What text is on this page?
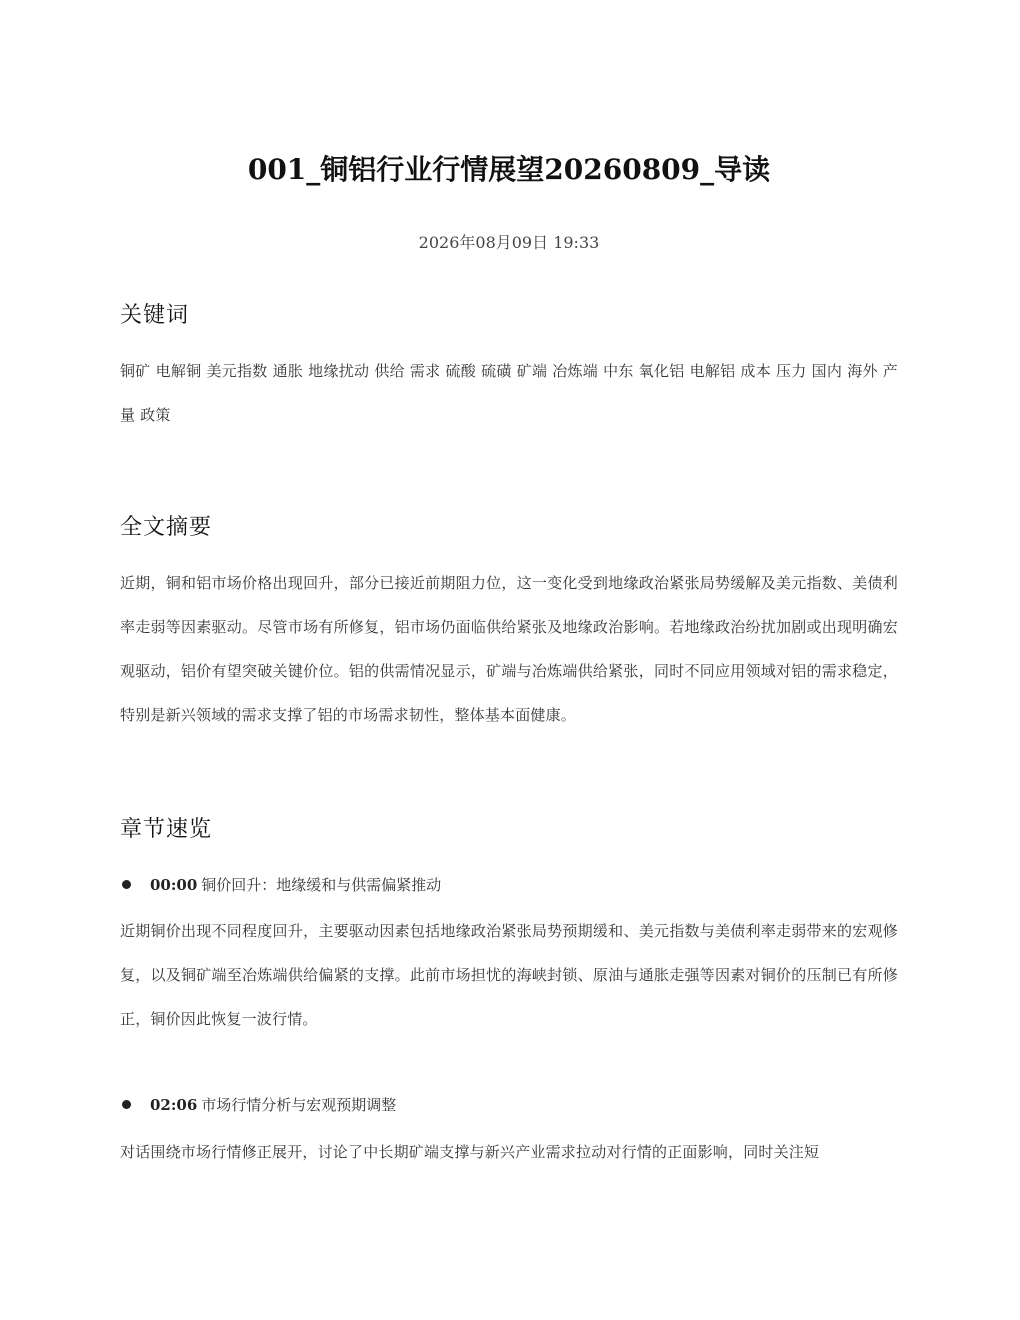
001_铜铝行业行情展望20260809_导读
2026年08月09日 19:33
关键词
铜矿 电解铜 美元指数 通胀 地缘扰动 供给 需求 硫酸 硫磺 矿端 冶炼端 中东 氧化铝 电解铝 成本 压力 国内 海外 产量 政策
全文摘要
近期，铜和铝市场价格出现回升，部分已接近前期阻力位，这一变化受到地缘政治紧张局势缓解及美元指数、美债利率走弱等因素驱动。尽管市场有所修复，铝市场仍面临供给紧张及地缘政治影响。若地缘政治纷扰加剧或出现明确宏观驱动，铝价有望突破关键价位。铝的供需情况显示，矿端与冶炼端供给紧张，同时不同应用领域对铝的需求稳定，特别是新兴领域的需求支撑了铝的市场需求韧性，整体基本面健康。
章节速览
00:00 铜价回升：地缘缓和与供需偏紧推动
近期铜价出现不同程度回升，主要驱动因素包括地缘政治紧张局势预期缓和、美元指数与美债利率走弱带来的宏观修复，以及铜矿端至冶炼端供给偏紧的支撑。此前市场担忧的海峡封锁、原油与通胀走强等因素对铜价的压制已有所修正，铜价因此恢复一波行情。
02:06 市场行情分析与宏观预期调整
对话围绕市场行情修正展开，讨论了中长期矿端支撑与新兴产业需求拉动对行情的正面影响，同时关注短
